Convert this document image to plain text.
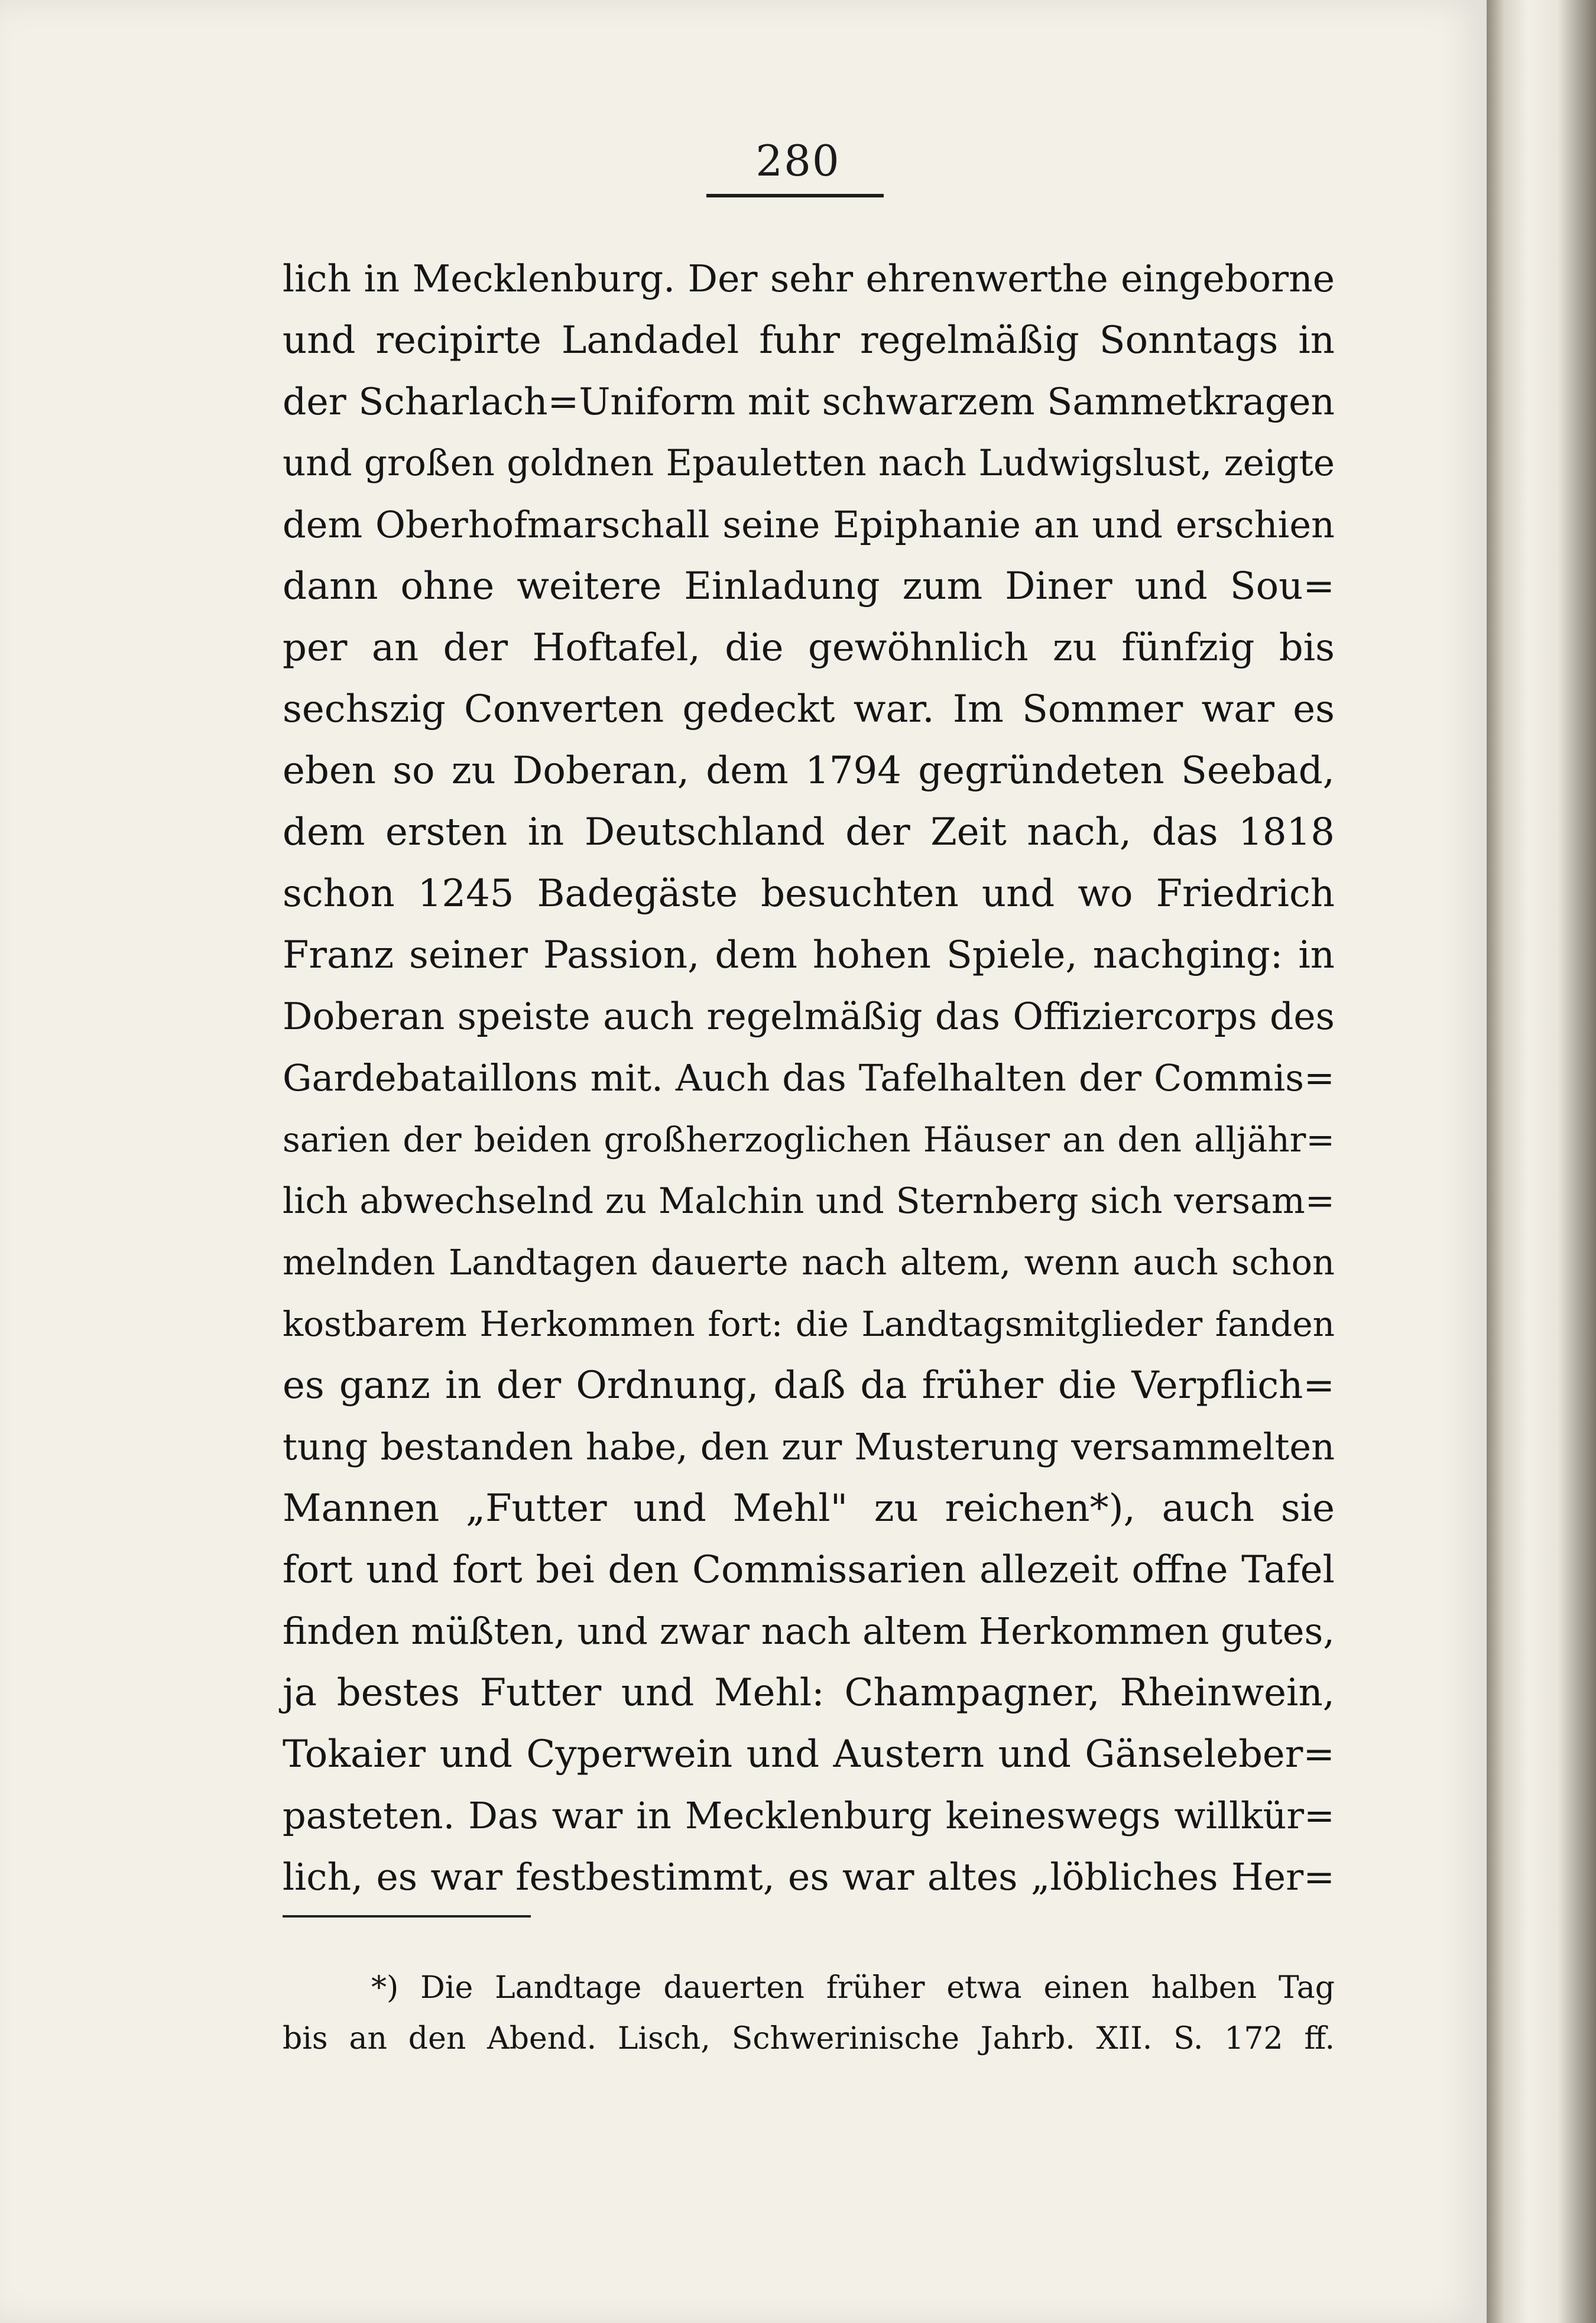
280
lich in Mecklenburg. Der sehr ehrenwerthe eingeborne
und recipirte Landadel fuhr regelmäßig Sonntags in
der Scharlach=Uniform mit schwarzem Sammetkragen
und großen goldnen Epauletten nach Ludwigslust, zeigte
dem Oberhofmarschall seine Epiphanie an und erschien
dann ohne weitere Einladung zum Diner und Sou=
per an der Hoftafel, die gewöhnlich zu fünfzig bis
sechszig Converten gedeckt war. Im Sommer war es
eben so zu Doberan, dem 1794 gegründeten Seebad,
dem ersten in Deutschland der Zeit nach, das 1818
schon 1245 Badegäste besuchten und wo Friedrich
Franz seiner Passion, dem hohen Spiele, nachging: in
Doberan speiste auch regelmäßig das Offiziercorps des
Gardebataillons mit. Auch das Tafelhalten der Commis=
sarien der beiden großherzoglichen Häuser an den alljähr=
lich abwechselnd zu Malchin und Sternberg sich versam=
melnden Landtagen dauerte nach altem, wenn auch schon
kostbarem Herkommen fort: die Landtagsmitglieder fanden
es ganz in der Ordnung, daß da früher die Verpflich=
tung bestanden habe, den zur Musterung versammelten
Mannen „Futter und Mehl" zu reichen*), auch sie
fort und fort bei den Commissarien allezeit offne Tafel
finden müßten, und zwar nach altem Herkommen gutes,
ja bestes Futter und Mehl: Champagner, Rheinwein,
Tokaier und Cyperwein und Austern und Gänseleber=
pasteten. Das war in Mecklenburg keineswegs willkür=
lich, es war festbestimmt, es war altes „löbliches Her=
*) Die Landtage dauerten früher etwa einen halben Tag
bis an den Abend. Lisch, Schwerinische Jahrb. XII. S. 172 ff.
